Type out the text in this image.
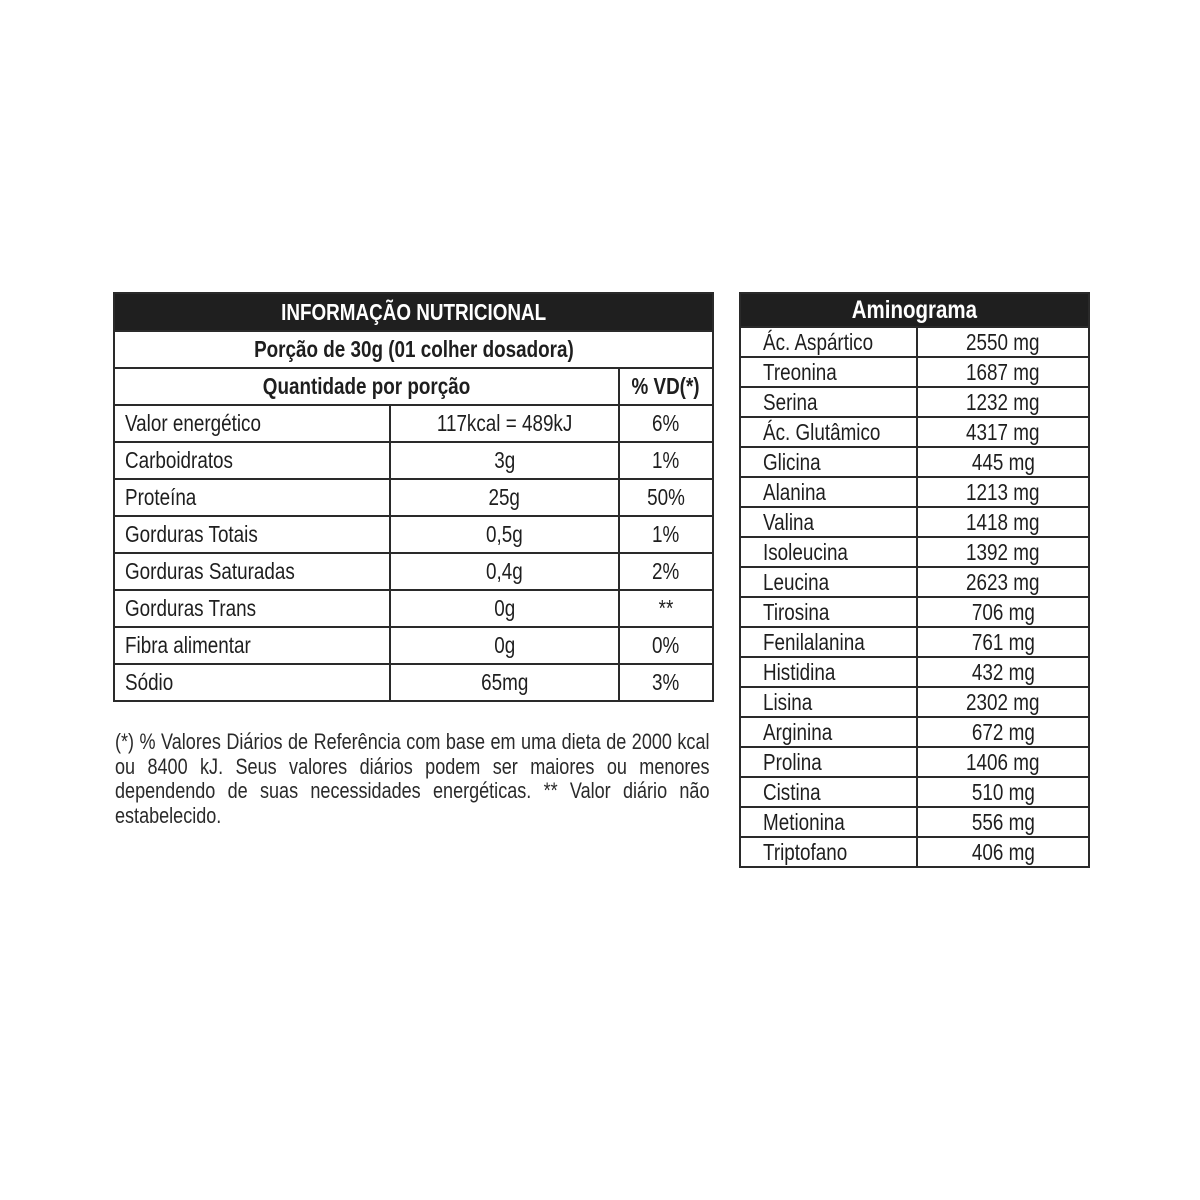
INFORMAÇÃO NUTRICIONAL		
Porção de 30g (01 colher dosadora)		
Quantidade por porção		% VD(*)
Valor energético	117kcal = 489kJ	6%
Carboidratos	3g	1%
Proteína	25g	50%
Gorduras Totais	0,5g	1%
Gorduras Saturadas	0,4g	2%
Gorduras Trans	0g	**
Fibra alimentar	0g	0%
Sódio	65mg	3%
(*) % Valores Diários de Referência com base em uma dieta de 2000 kcal ou 8400 kJ. Seus valores diários podem ser maiores ou menores dependendo de suas necessidades energéticas. ** Valor diário não estabelecido.
Aminograma	
Ác. Aspártico	2550 mg
Treonina	1687 mg
Serina	1232 mg
Ác. Glutâmico	4317 mg
Glicina	445 mg
Alanina	1213 mg
Valina	1418 mg
Isoleucina	1392 mg
Leucina	2623 mg
Tirosina	706 mg
Fenilalanina	761 mg
Histidina	432 mg
Lisina	2302 mg
Arginina	672 mg
Prolina	1406 mg
Cistina	510 mg
Metionina	556 mg
Triptofano	406 mg
